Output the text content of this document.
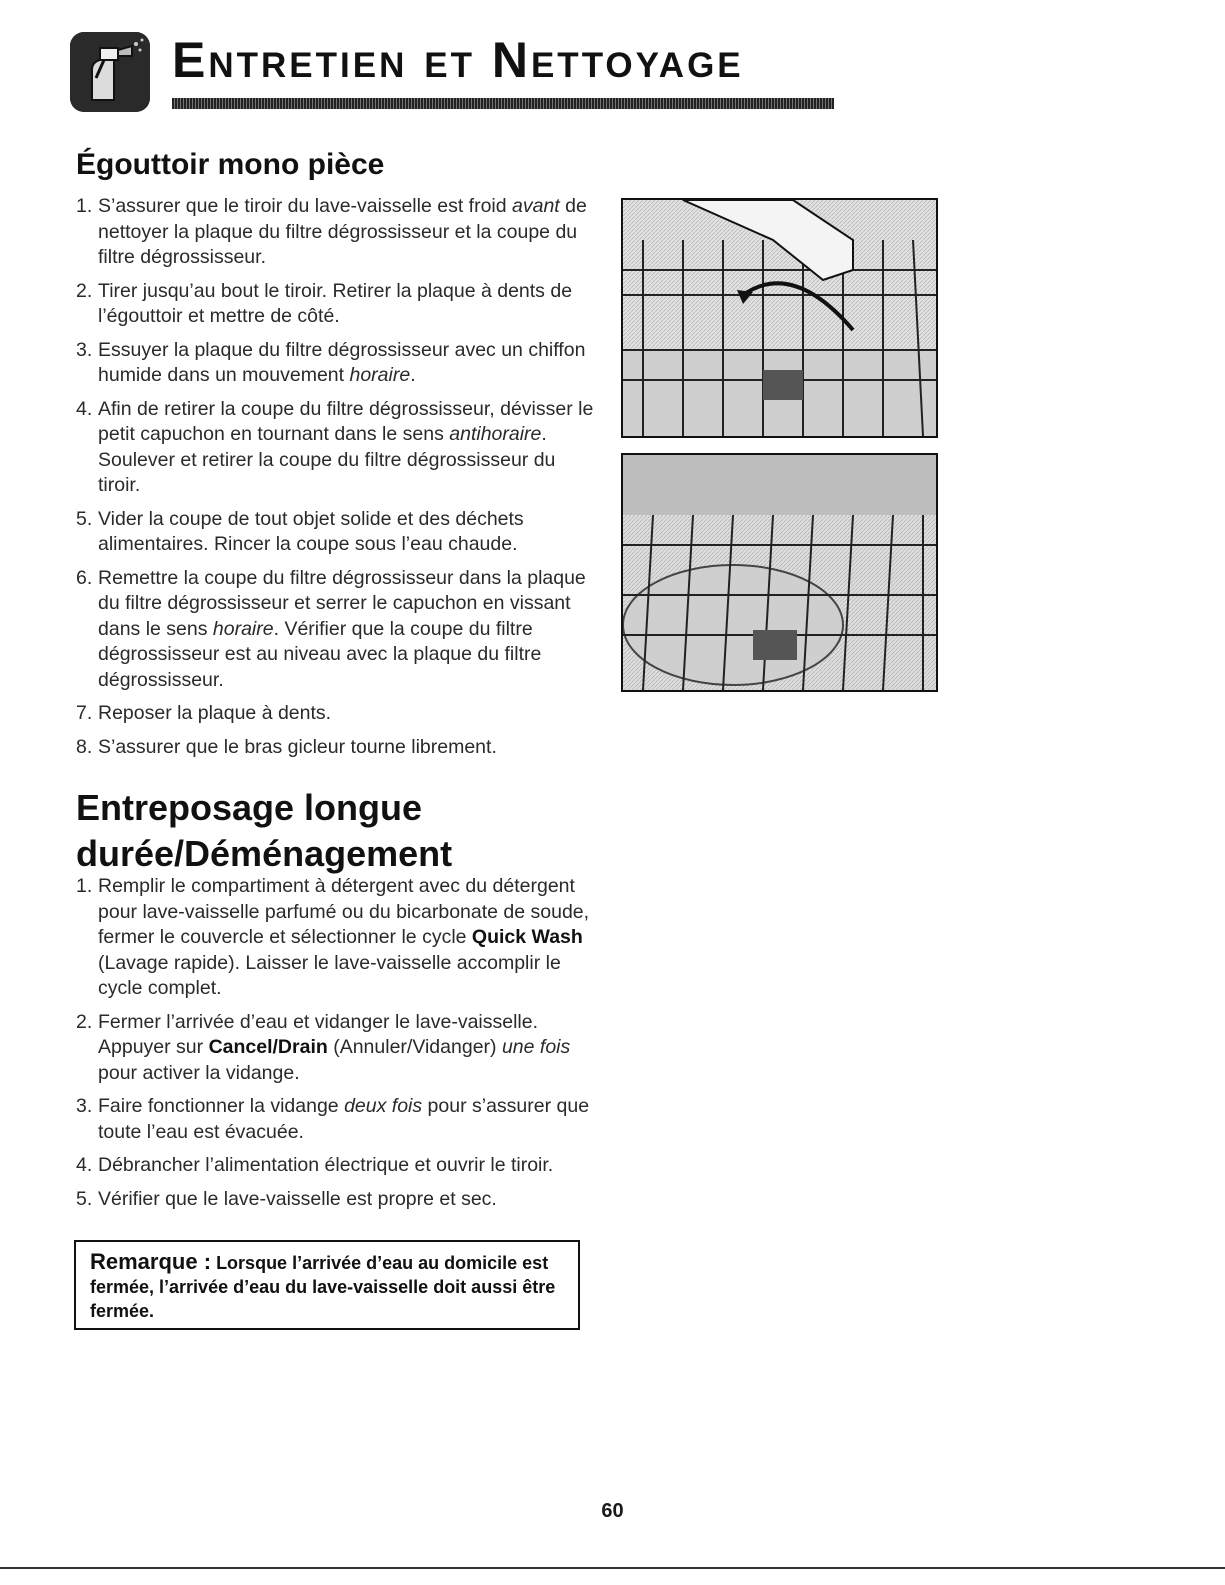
Entretien et Nettoyage
Égouttoir mono pièce
1. S’assurer que le tiroir du lave-vaisselle est froid avant de nettoyer la plaque du filtre dégrossisseur et la coupe du filtre dégrossisseur.
2. Tirer jusqu’au bout le tiroir. Retirer la plaque à dents de l’égouttoir et mettre de côté.
3. Essuyer la plaque du filtre dégrossisseur avec un chiffon humide dans un mouvement horaire.
4. Afin de retirer la coupe du filtre dégrossisseur, dévisser le petit capuchon en tournant dans le sens antihoraire. Soulever et retirer la coupe du filtre dégrossisseur du tiroir.
5. Vider la coupe de tout objet solide et des déchets alimentaires. Rincer la coupe sous l’eau chaude.
6. Remettre la coupe du filtre dégrossisseur dans la plaque du filtre dégrossisseur et serrer le capuchon en vissant dans le sens horaire. Vérifier que la coupe du filtre dégrossisseur est au niveau avec la plaque du filtre dégrossisseur.
7. Reposer la plaque à dents.
8. S’assurer que le bras gicleur tourne librement.
Entreposage longue durée/Déménagement
1. Remplir le compartiment à détergent avec du détergent pour lave-vaisselle parfumé ou du bicarbonate de soude, fermer le couvercle et sélectionner le cycle Quick Wash (Lavage rapide). Laisser le lave-vaisselle accomplir le cycle complet.
2. Fermer l’arrivée d’eau et vidanger le lave-vaisselle. Appuyer sur Cancel/Drain (Annuler/Vidanger) une fois pour activer la vidange.
3. Faire fonctionner la vidange deux fois pour s’assurer que toute l’eau est évacuée.
4. Débrancher l’alimentation électrique et ouvrir le tiroir.
5. Vérifier que le lave-vaisselle est propre et sec.
Remarque : Lorsque l’arrivée d’eau au domicile est fermée, l’arrivée d’eau du lave-vaisselle doit aussi être fermée.
60
